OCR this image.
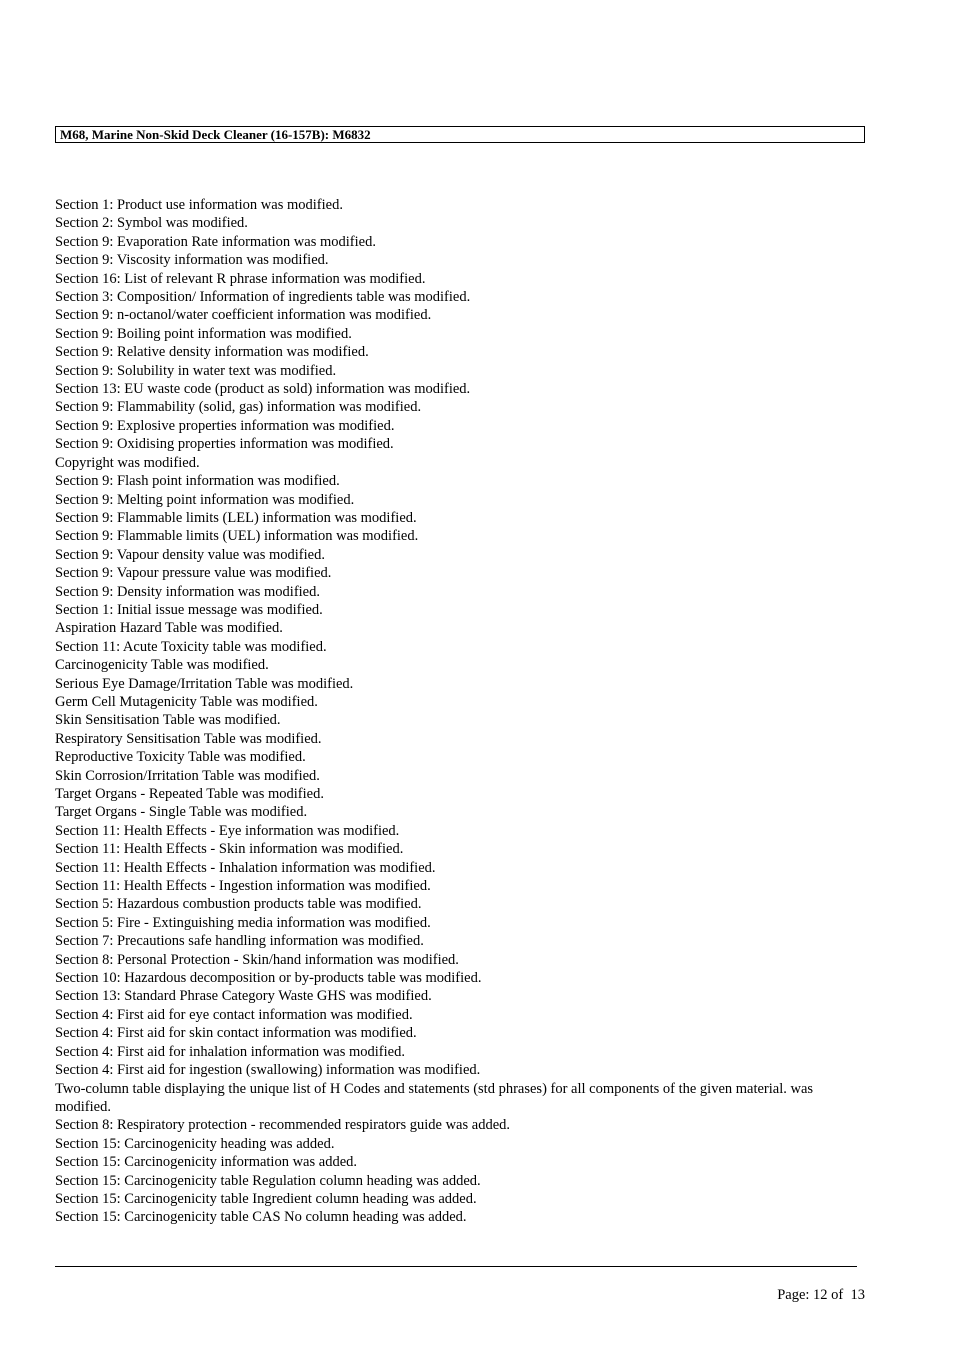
M68, Marine Non-Skid Deck Cleaner (16-157B): M6832
Section 1: Product use information was modified.
Section 2: Symbol was modified.
Section 9: Evaporation Rate information was modified.
Section 9: Viscosity information was modified.
Section 16: List of relevant R phrase information was modified.
Section 3: Composition/ Information of ingredients table was modified.
Section 9: n-octanol/water coefficient information was modified.
Section 9: Boiling point information was modified.
Section 9: Relative density information was modified.
Section 9: Solubility in water text was modified.
Section 13: EU waste code (product as sold) information was modified.
Section 9: Flammability (solid, gas) information was modified.
Section 9: Explosive properties information was modified.
Section 9: Oxidising properties information was modified.
Copyright was modified.
Section 9: Flash point information was modified.
Section 9: Melting point information was modified.
Section 9: Flammable limits (LEL) information was modified.
Section 9: Flammable limits (UEL) information was modified.
Section 9: Vapour density value was modified.
Section 9: Vapour pressure value was modified.
Section 9: Density information was modified.
Section 1: Initial issue message was modified.
Aspiration Hazard Table was modified.
Section 11: Acute Toxicity table was modified.
Carcinogenicity Table was modified.
Serious Eye Damage/Irritation Table was modified.
Germ Cell Mutagenicity Table was modified.
Skin Sensitisation Table was modified.
Respiratory Sensitisation Table was modified.
Reproductive Toxicity Table was modified.
Skin Corrosion/Irritation Table was modified.
Target Organs - Repeated Table was modified.
Target Organs - Single Table was modified.
Section 11: Health Effects - Eye information was modified.
Section 11: Health Effects - Skin information was modified.
Section 11: Health Effects - Inhalation information was modified.
Section 11: Health Effects - Ingestion information was modified.
Section 5: Hazardous combustion products table was modified.
Section 5: Fire - Extinguishing media information was modified.
Section 7: Precautions safe handling information was modified.
Section 8: Personal Protection - Skin/hand information was modified.
Section 10: Hazardous decomposition or by-products table was modified.
Section 13: Standard Phrase Category Waste GHS was modified.
Section 4: First aid for eye contact information was modified.
Section 4: First aid for skin contact information was modified.
Section 4: First aid for inhalation information was modified.
Section 4: First aid for ingestion (swallowing) information was modified.
Two-column table displaying the unique list of H Codes and statements (std phrases) for all components of the given material. was modified.
Section 8: Respiratory protection - recommended respirators guide was added.
Section 15: Carcinogenicity heading was added.
Section 15: Carcinogenicity information was added.
Section 15: Carcinogenicity table Regulation column heading was added.
Section 15: Carcinogenicity table Ingredient column heading was added.
Section 15: Carcinogenicity table CAS No column heading was added.
Page: 12 of  13
